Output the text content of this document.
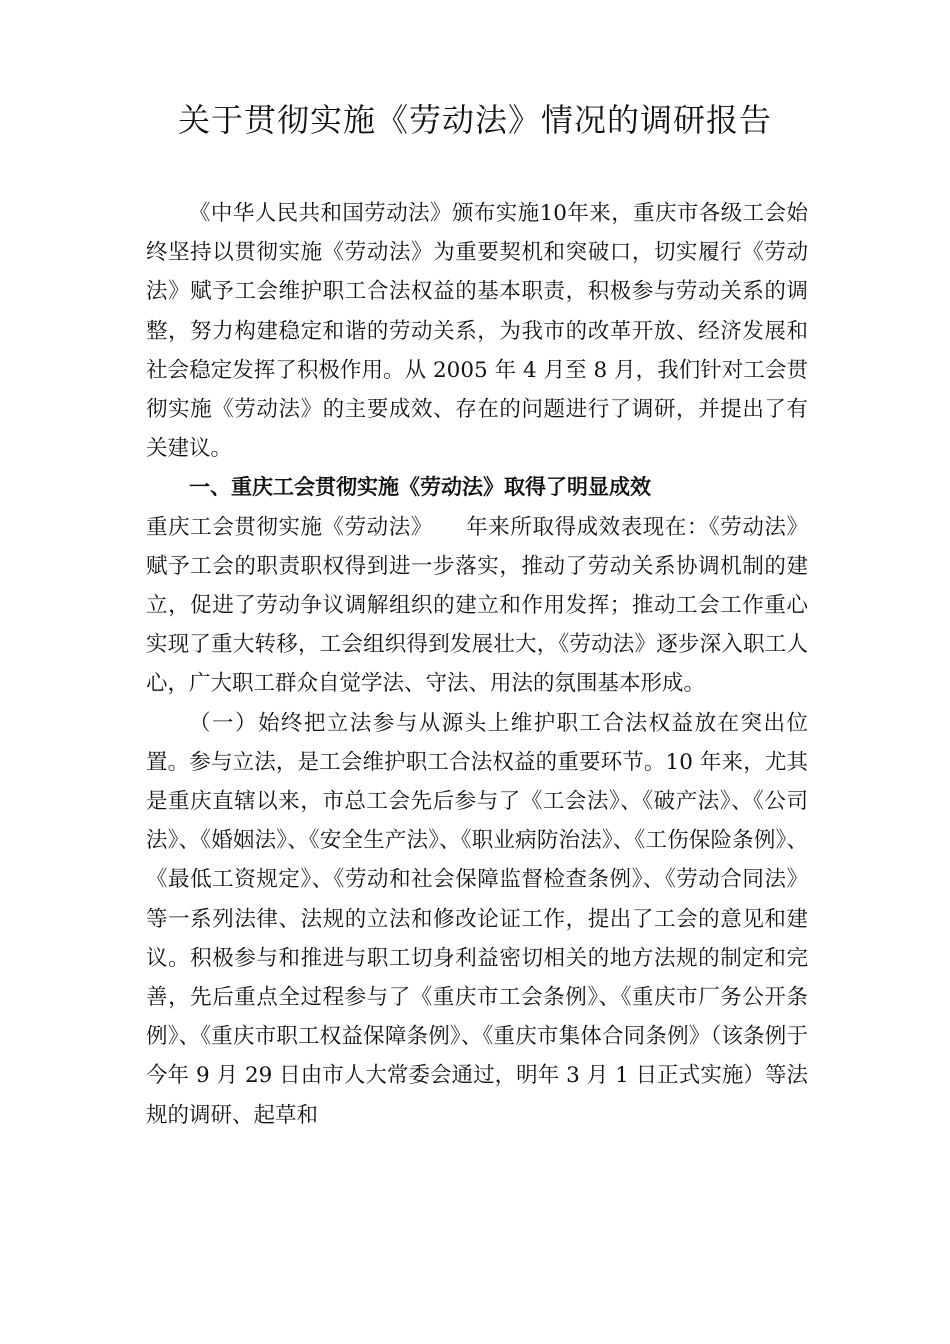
关于贯彻实施《劳动法》情况的调研报告

《中华人民共和国劳动法》颁布实施10年来，重庆市各级工会始终坚持以贯彻实施《劳动法》为重要契机和突破口，切实履行《劳动法》赋予工会维护职工合法权益的基本职责，积极参与劳动关系的调整，努力构建稳定和谐的劳动关系，为我市的改革开放、经济发展和社会稳定发挥了积极作用。从 2005 年 4 月至 8 月，我们针对工会贯彻实施《劳动法》的主要成效、存在的问题进行了调研，并提出了有关建议。

一、重庆工会贯彻实施《劳动法》取得了明显成效

重庆工会贯彻实施《劳动法》　　年来所取得成效表现在：《劳动法》赋予工会的职责职权得到进一步落实，推动了劳动关系协调机制的建立，促进了劳动争议调解组织的建立和作用发挥；推动工会工作重心实现了重大转移，工会组织得到发展壮大，《劳动法》逐步深入职工人心，广大职工群众自觉学法、守法、用法的氛围基本形成。

（一）始终把立法参与从源头上维护职工合法权益放在突出位置。参与立法，是工会维护职工合法权益的重要环节。10 年来，尤其是重庆直辖以来，市总工会先后参与了《工会法》、《破产法》、《公司法》、《婚姻法》、《安全生产法》、《职业病防治法》、《工伤保险条例》、《最低工资规定》、《劳动和社会保障监督检查条例》、《劳动合同法》等一系列法律、法规的立法和修改论证工作，提出了工会的意见和建议。积极参与和推进与职工切身利益密切相关的地方法规的制定和完善，先后重点全过程参与了《重庆市工会条例》、《重庆市厂务公开条例》、《重庆市职工权益保障条例》、《重庆市集体合同条例》（该条例于今年 9 月 29 日由市人大常委会通过，明年 3 月 1 日正式实施）等法规的调研、起草和
